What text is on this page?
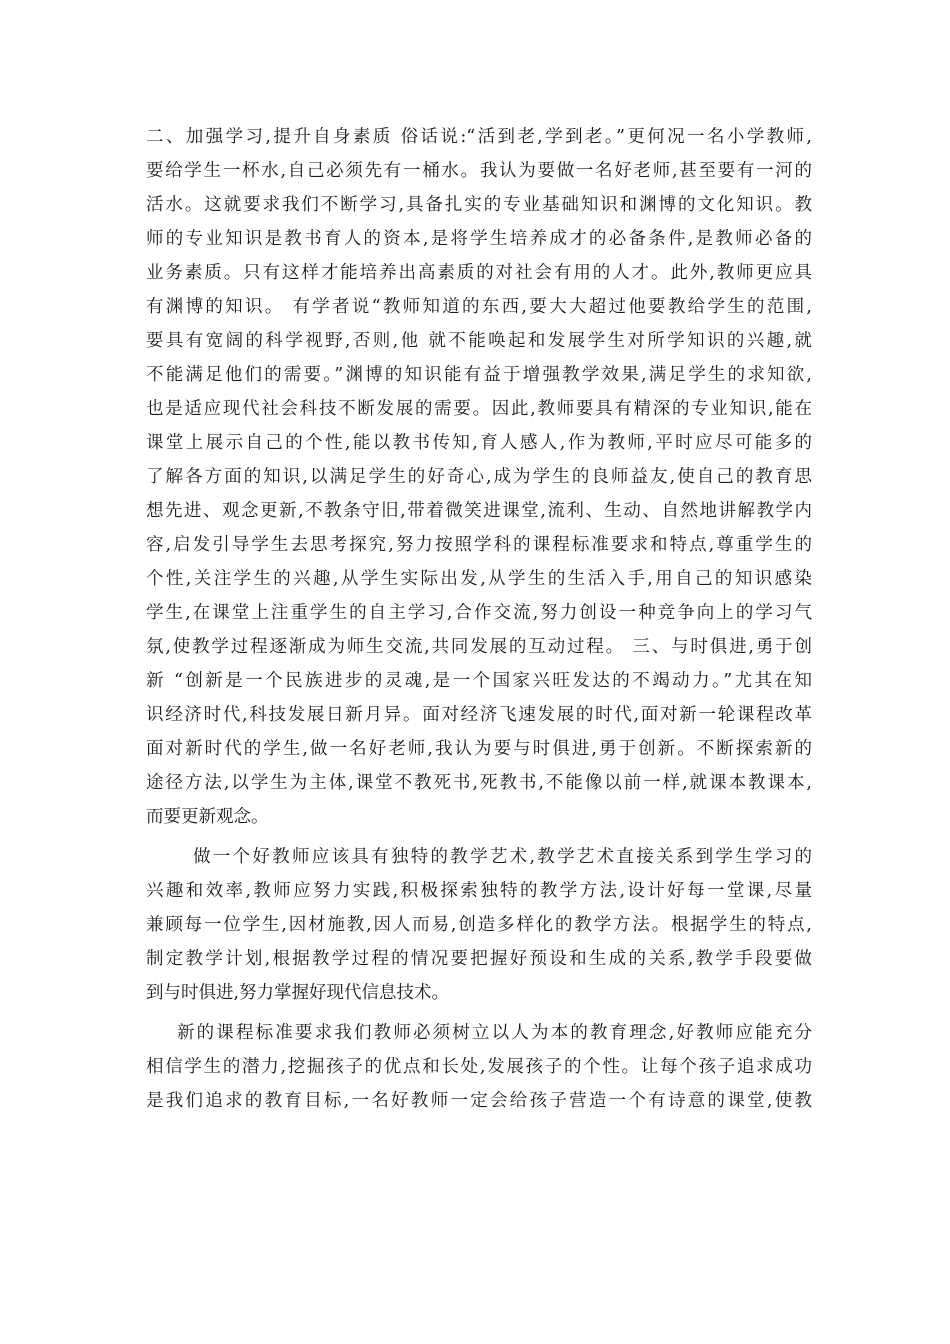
二、加强学习,提升自身素质 俗话说:“活到老,学到老。”更何况一名小学教师,
要给学生一杯水,自己必须先有一桶水。我认为要做一名好老师,甚至要有一河的
活水。这就要求我们不断学习,具备扎实的专业基础知识和渊博的文化知识。教
师的专业知识是教书育人的资本,是将学生培养成才的必备条件,是教师必备的
业务素质。只有这样才能培养出高素质的对社会有用的人才。此外,教师更应具
有渊博的知识。 有学者说“教师知道的东西,要大大超过他要教给学生的范围,
要具有宽阔的科学视野,否则,他 就不能唤起和发展学生对所学知识的兴趣,就
不能满足他们的需要。”渊博的知识能有益于增强教学效果,满足学生的求知欲,
也是适应现代社会科技不断发展的需要。因此,教师要具有精深的专业知识,能在
课堂上展示自己的个性,能以教书传知,育人感人,作为教师,平时应尽可能多的
了解各方面的知识,以满足学生的好奇心,成为学生的良师益友,使自己的教育思
想先进、观念更新,不教条守旧,带着微笑进课堂,流利、生动、自然地讲解教学内
容,启发引导学生去思考探究,努力按照学科的课程标准要求和特点,尊重学生的
个性,关注学生的兴趣,从学生实际出发,从学生的生活入手,用自己的知识感染
学生,在课堂上注重学生的自主学习,合作交流,努力创设一种竞争向上的学习气
氛,使教学过程逐渐成为师生交流,共同发展的互动过程。 三、与时俱进,勇于创
新 “创新是一个民族进步的灵魂,是一个国家兴旺发达的不竭动力。”尤其在知
识经济时代,科技发展日新月异。面对经济飞速发展的时代,面对新一轮课程改革
面对新时代的学生,做一名好老师,我认为要与时俱进,勇于创新。不断探索新的
途径方法,以学生为主体,课堂不教死书,死教书,不能像以前一样,就课本教课本,
而要更新观念。
做一个好教师应该具有独特的教学艺术,教学艺术直接关系到学生学习的
兴趣和效率,教师应努力实践,积极探索独特的教学方法,设计好每一堂课,尽量
兼顾每一位学生,因材施教,因人而易,创造多样化的教学方法。根据学生的特点,
制定教学计划,根据教学过程的情况要把握好预设和生成的关系,教学手段要做
到与时俱进,努力掌握好现代信息技术。
新的课程标准要求我们教师必须树立以人为本的教育理念,好教师应能充分
相信学生的潜力,挖掘孩子的优点和长处,发展孩子的个性。让每个孩子追求成功
是我们追求的教育目标,一名好教师一定会给孩子营造一个有诗意的课堂,使教
